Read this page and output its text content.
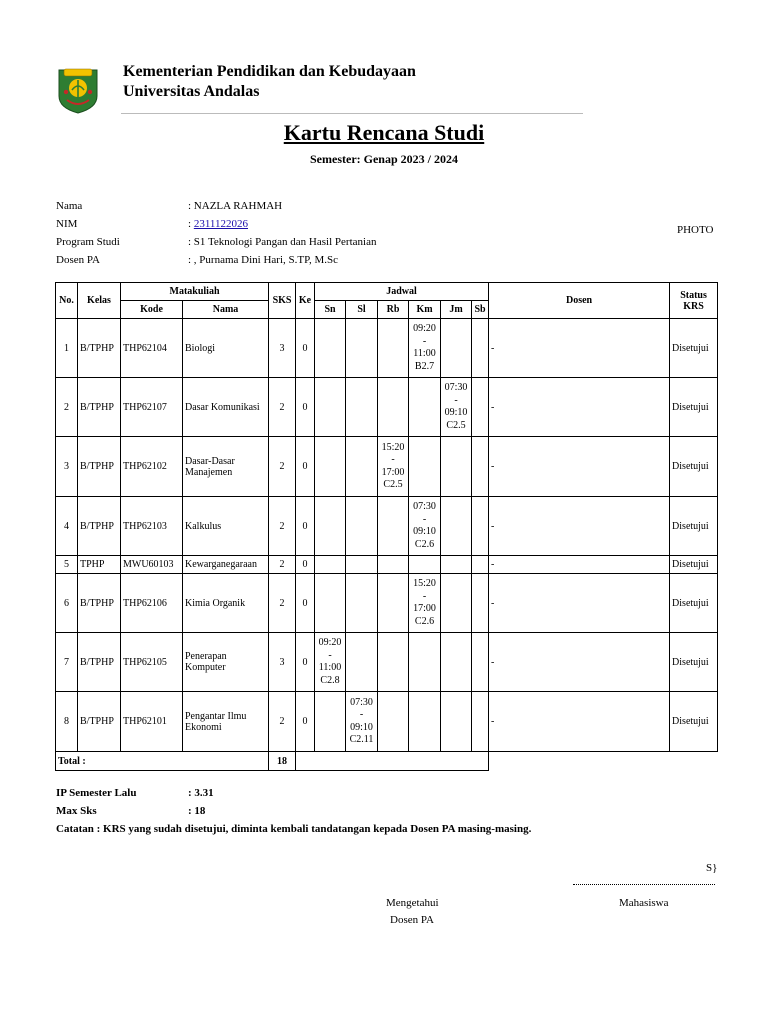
Kementerian Pendidikan dan Kebudayaan
Universitas Andalas
Kartu Rencana Studi
Semester: Genap 2023 / 2024
Nama	: NAZLA RAHMAH
NIM	: 2311122026
Program Studi	: S1 Teknologi Pangan dan Hasil Pertanian
Dosen PA	: , Purnama Dini Hari, S.TP, M.Sc
PHOTO
No.	Kelas	Matakuliah		SKS	Ke	Jadwal						Dosen	Status
KRS
		Kode	Nama			Sn	Sl	Rb	Km	Jm	Sb		
1	B/TPHP	THP62104	Biologi	3	0				09:20
-
11:00
B2.7			-	Disetujui
2	B/TPHP	THP62107	Dasar Komunikasi	2	0					07:30
-
09:10
C2.5		-	Disetujui
3	B/TPHP	THP62102	Dasar-Dasar Manajemen	2	0			15:20
-
17:00
C2.5				-	Disetujui
4	B/TPHP	THP62103	Kalkulus	2	0				07:30
-
09:10
C2.6			-	Disetujui
5	TPHP	MWU60103	Kewarganegaraan	2	0							-	Disetujui
6	B/TPHP	THP62106	Kimia Organik	2	0				15:20
-
17:00
C2.6			-	Disetujui
7	B/TPHP	THP62105	Penerapan Komputer	3	0	09:20
-
11:00
C2.8						-	Disetujui
8	B/TPHP	THP62101	Pengantar Ilmu Ekonomi	2	0		07:30
-
09:10
C2.11					-	Disetujui
Total :				18									
IP Semester Lalu	: 3.31
Max Sks	: 18
Catatan : KRS yang sudah disetujui, diminta kembali tandatangan kepada Dosen PA masing-masing.
S}
Mengetahui
Dosen PA
Mahasiswa
